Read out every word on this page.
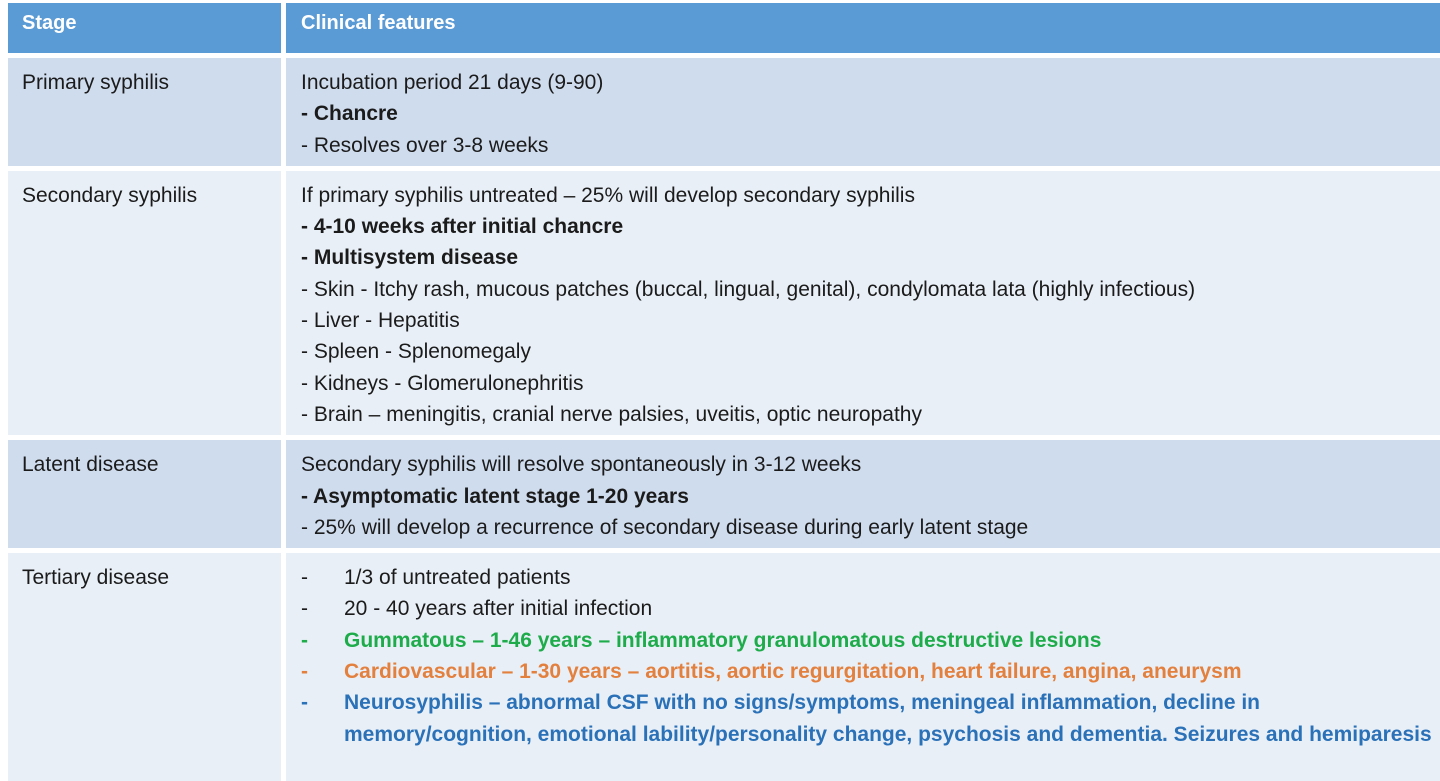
Stage	Clinical features
Primary syphilis	Incubation period 21 days (9-90)
- Chancre
- Resolves over 3-8 weeks
Secondary syphilis	If primary syphilis untreated – 25% will develop secondary syphilis
- 4-10 weeks after initial chancre
- Multisystem disease
- Skin - Itchy rash, mucous patches (buccal, lingual, genital), condylomata lata (highly infectious)
- Liver - Hepatitis
- Spleen - Splenomegaly
- Kidneys - Glomerulonephritis
- Brain – meningitis, cranial nerve palsies, uveitis, optic neuropathy
Latent disease	Secondary syphilis will resolve spontaneously in 3-12 weeks
- Asymptomatic latent stage 1-20 years
- 25% will develop a recurrence of secondary disease during early latent stage
Tertiary disease	-	1/3 of untreated patients
-	20 - 40 years after initial infection
-	Gummatous – 1-46 years – inflammatory granulomatous destructive lesions
-	Cardiovascular – 1-30 years – aortitis, aortic regurgitation, heart failure, angina, aneurysm
-	Neurosyphilis – abnormal CSF with no signs/symptoms, meningeal inflammation, decline in memory/cognition, emotional lability/personality change, psychosis and dementia. Seizures and hemiparesis
